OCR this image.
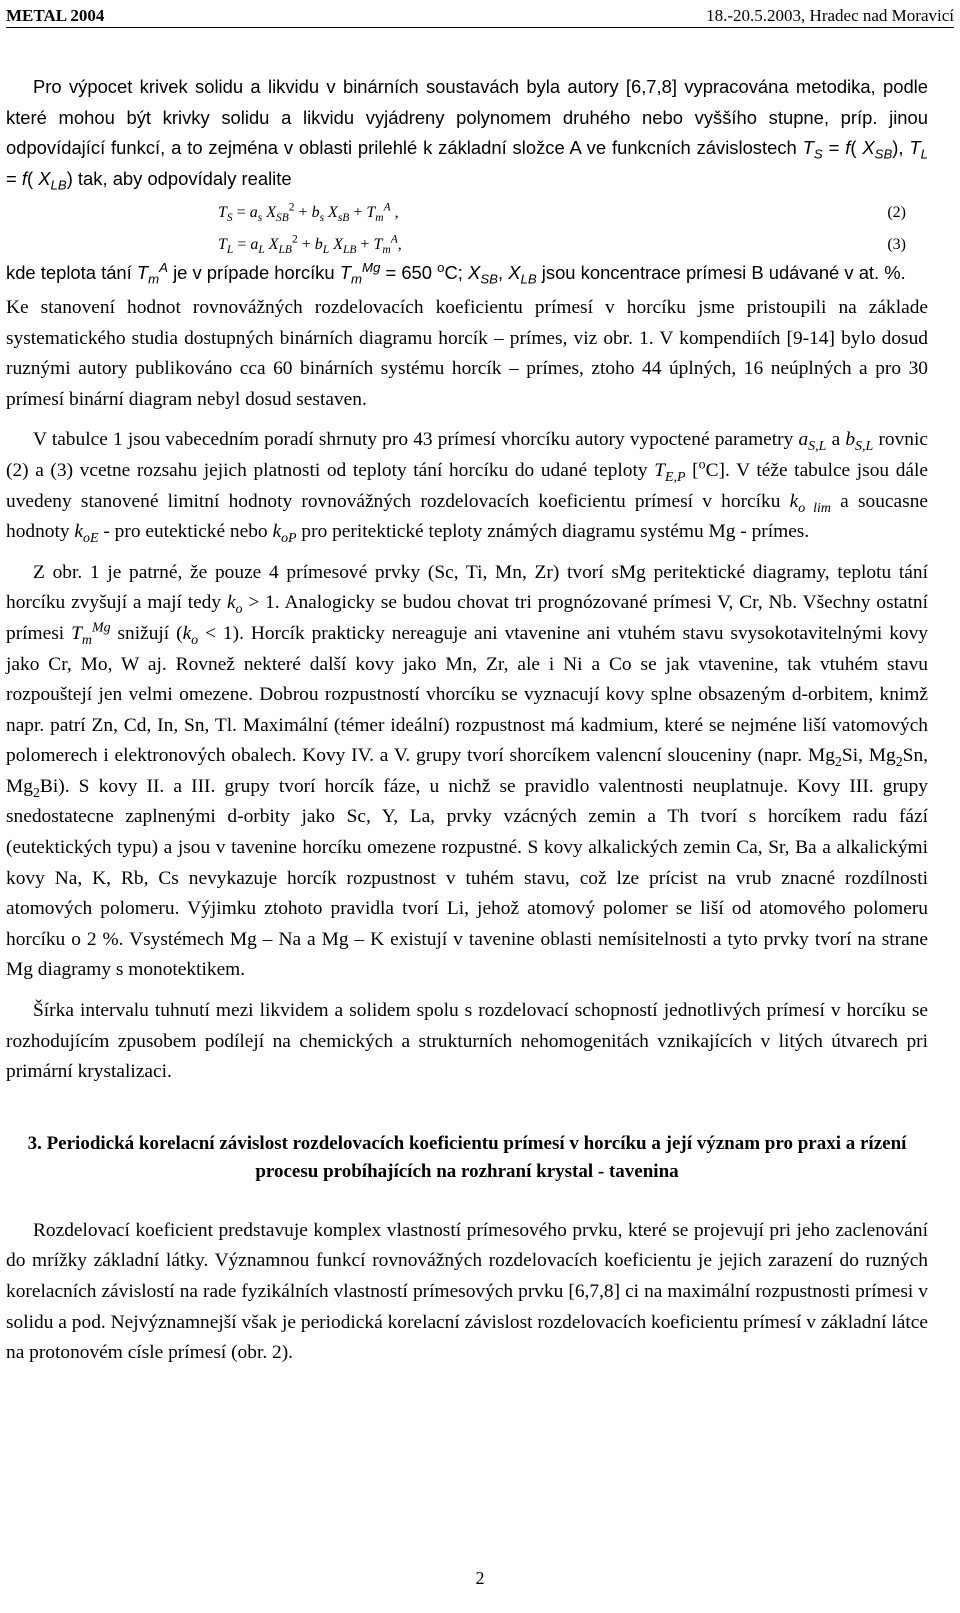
METAL 2004	18.-20.5.2003, Hradec nad Moravicí

Pro výpocet krivek solidu a likvidu v binárních soustavách byla autory [6,7,8] vypracována metodika, podle které mohou být krivky solidu a likvidu vyjádreny polynomem druhého nebo vyššího stupne, príp. jinou odpovídající funkcí, a to zejména v oblasti prilehlé k základní složce A ve funkcních závislostech $T_S = f$( $X_{SB}$), $T_L = f$( $X_{LB}$) tak, aby odpovídaly realite

$T_S = a_s$ $X_{SB}^2 + b_s$ $X_{sB} + T_m^A$ ,	(2)
$T_L = a_L$ $X_{LB}^2 + b_L$ $X_{LB} + T_m^A$,	(3)

kde teplota tání $T_m^A$ je v prípade horcíku $T_m^{Mg} = 650$ $^o$C; $X_{SB}$, $X_{LB}$ jsou koncentrace prímesi B udávané v at. %.

Ke stanovení hodnot rovnovážných rozdelovacích koeficientu prímesí v horcíku jsme pristoupili na základe systematického studia dostupných binárních diagramu horcík – prímes, viz obr. 1. V kompendiích [9-14] bylo dosud ruznými autory publikováno cca 60 binárních systému horcík – prímes, ztoho 44 úplných, 16 neúplných a pro 30 prímesí binární diagram nebyl dosud sestaven.

V tabulce 1 jsou vabecedním poradí shrnuty pro 43 prímesí vhorcíku autory vypoctené parametry $a_{S,L}$ a $b_{S,L}$ rovnic (2) a (3) vcetne rozsahu jejich platnosti od teploty tání horcíku do udané teploty $T_{E,P}$ [$^o$C]. V téže tabulce jsou dále uvedeny stanovené limitní hodnoty rovnovážných rozdelovacích koeficientu prímesí v horcíku $k_{o lim}$ a soucasne hodnoty $k_{oE}$ - pro eutektické nebo $k_{oP}$ pro peritektické teploty známých diagramu systému Mg - prímes.

Z obr. 1 je patrné, že pouze 4 prímesové prvky (Sc, Ti, Mn, Zr) tvorí sMg peritektické diagramy, teplotu tání horcíku zvyšují a mají tedy $k_o > 1$. Analogicky se budou chovat tri prognózované prímesi V, Cr, Nb. Všechny ostatní prímesi $T_m^{Mg}$ snižují $(k_o < 1)$. Horcík prakticky nereaguje ani vtavenine ani vtuhém stavu svysokotavitelnými kovy jako Cr, Mo, W aj. Rovnež nekteré další kovy jako Mn, Zr, ale i Ni a Co se jak vtavenine, tak vtuhém stavu rozpouštejí jen velmi omezene. Dobrou rozpustností vhorcíku se vyznacují kovy splne obsazeným d-orbitem, knimž napr. patrí Zn, Cd, In, Sn, Tl. Maximální (témer ideální) rozpustnost má kadmium, které se nejméne liší vatomových polomerech i elektronových obalech. Kovy IV. a V. grupy tvorí shorcíkem valencní slouceniny (napr. $Mg_2Si$, $Mg_2Sn$, $Mg_2Bi$). S kovy II. a III. grupy tvorí horcík fáze, u nichž se pravidlo valentnosti neuplatnuje. Kovy III. grupy snedostatecne zaplnenými d-orbity jako Sc, Y, La, prvky vzácných zemin a Th tvorí s horcíkem radu fází (eutektických typu) a jsou v tavenine horcíku omezene rozpustné. S kovy alkalických zemin Ca, Sr, Ba a alkalickými kovy Na, K, Rb, Cs nevykazuje horcík rozpustnost v tuhém stavu, což lze prícist na vrub znacné rozdílnosti atomových polomeru. Výjimku ztohoto pravidla tvorí Li, jehož atomový polomer se liší od atomového polomeru horcíku o 2 %. Vsystémech Mg – Na a Mg – K existují v tavenine oblasti nemísitelnosti a tyto prvky tvorí na strane Mg diagramy s monotektikem.

Šírka intervalu tuhnutí mezi likvidem a solidem spolu s rozdelovací schopností jednotlivých prímesí v horcíku se rozhodujícím zpusobem podílejí na chemických a strukturních nehomogenitách vznikajících v litých útvarech pri primární krystalizaci.

3. Periodická korelacní závislost rozdelovacích koeficientu prímesí v horcíku a její význam pro praxi a rízení procesu probíhajících na rozhraní krystal - tavenina

Rozdelovací koeficient predstavuje komplex vlastností prímesového prvku, které se projevují pri jeho zaclenování do mrížky základní látky. Významnou funkcí rovnovážných rozdelovacích koeficientu je jejich zarazení do ruzných korelacních závislostí na rade fyzikálních vlastností prímesových prvku [6,7,8] ci na maximální rozpustnosti prímesi v solidu a pod. Nejvýznamnejší však je periodická korelacní závislost rozdelovacích koeficientu prímesí v základní látce na protonovém císle prímesí (obr. 2).

2
